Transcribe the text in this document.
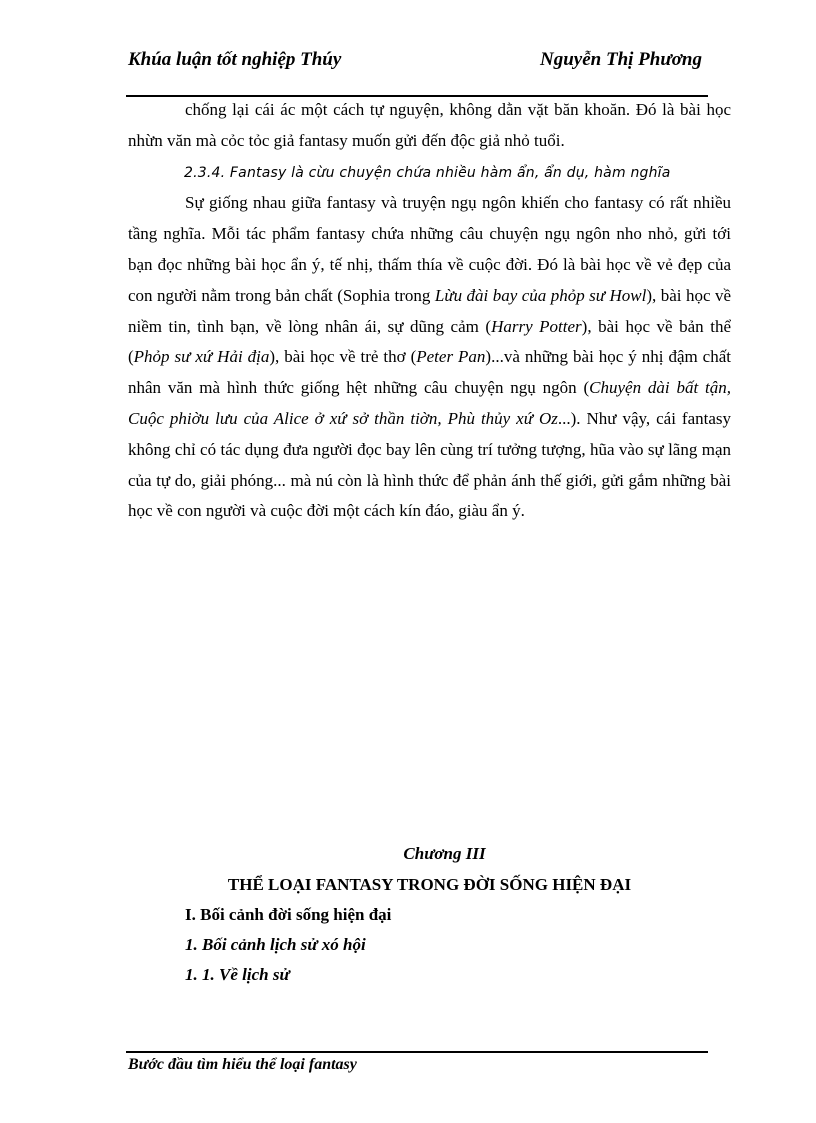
Khúa luận tốt nghiệp Thúy	Nguyễn Thị Phương

chống lại cái ác một cách tự nguyện, không dằn vặt băn khoăn. Đó là bài học nhừn văn mà cỏc tỏc giả fantasy muốn gửi đến độc giả nhỏ tuổi.

2.3.4. Fantasy là cừu chuyện chứa nhiều hàm ẩn, ẩn dụ, hàm nghĩa

Sự giống nhau giữa fantasy và truyện ngụ ngôn khiến cho fantasy có rất nhiều tầng nghĩa. Mỗi tác phẩm fantasy chứa những câu chuyện ngụ ngôn nho nhỏ, gửi tới bạn đọc những bài học ẩn ý, tế nhị, thấm thía về cuộc đời. Đó là bài học về vẻ đẹp của con người nằm trong bản chất (Sophia trong Lừu đài bay của phỏp sư Howl), bài học về niềm tin, tình bạn, về lòng nhân ái, sự dũng cảm (Harry Potter), bài học về bản thể (Phỏp sư xứ Hải địa), bài học về trẻ thơ (Peter Pan)...và những bài học ý nhị đậm chất nhân văn mà hình thức giống hệt những câu chuyện ngụ ngôn (Chuyện dài bất tận, Cuộc phiờu lưu của Alice ở xứ sở thần tiờn, Phù thủy xứ Oz...). Như vậy, cái fantasy không chỉ có tác dụng đưa người đọc bay lên cùng trí tưởng tượng, hũa vào sự lãng mạn của tự do, giải phóng... mà nú còn là hình thức để phản ánh thế giới, gửi gắm những bài học về con người và cuộc đời một cách kín đáo, giàu ẩn ý.

Chương III
THỂ LOẠI FANTASY TRONG ĐỜI SỐNG HIỆN ĐẠI
I. Bối cảnh đời sống hiện đại
1. Bối cảnh lịch sử xó hội
1. 1. Về lịch sử
Bước đầu tìm hiểu thể loại fantasy
